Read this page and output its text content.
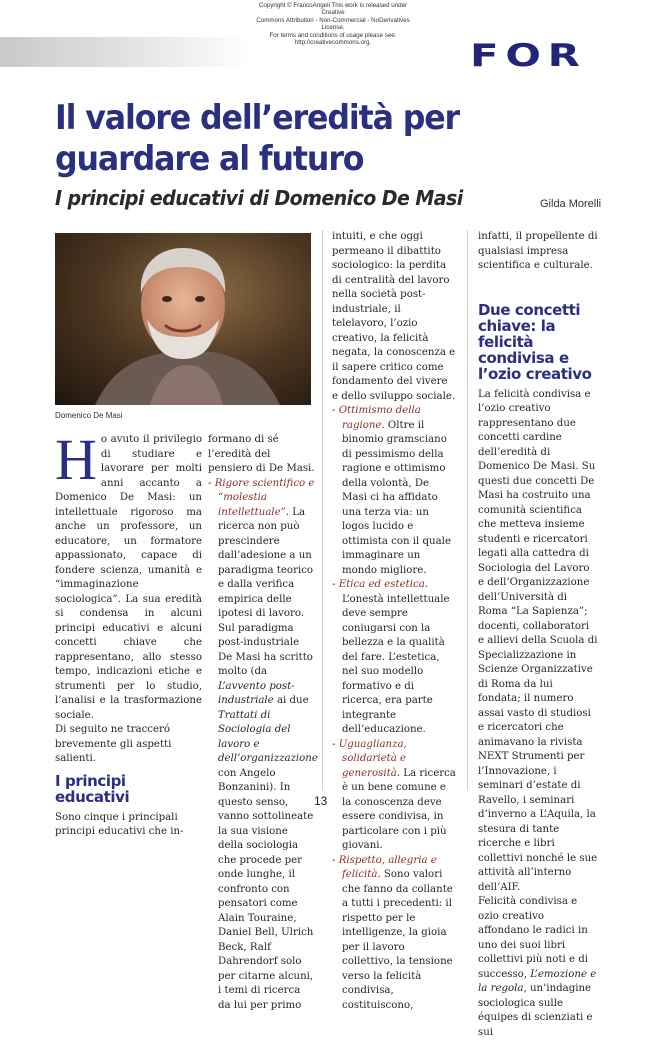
Copyright © FrancoAngeli This work is released under Creative
Commons Attribution - Non-Commercial - NoDerivatives License.
For terms and conditions of usage please see:
http://creativecommons.org.	FOR
Il valore dell’eredità per guardare al futuro
I principi educativi di Domenico De Masi	Gilda Morelli
Domenico De Masi
Ho avuto il privilegio di studiare e lavorare per molti anni accanto a Domenico De Masi: un intellettuale rigoroso ma anche un professore, un educatore, un formatore appassionato, capace di fondere scienza, umanità e “immaginazione sociologica”. La sua eredità si condensa in alcuni principi educativi e alcuni concetti chiave che rappresentano, allo stesso tempo, indicazioni etiche e strumenti per lo studio, l’analisi e la trasformazione sociale.

Di seguito ne tracceró brevemente gli aspetti salienti.

I principi educativi

Sono cinque i principali principi educativi che in-

formano di sé l’eredità del pensiero di De Masi.

- Rigore scientifico e “molestia intellettuale”. La ricerca non può prescindere dall’adesione a un paradigma teorico e dalla verifica empirica delle ipotesi di lavoro. Sul paradigma post-industriale De Masi ha scritto molto (da L’avvento post-industriale ai due Trattati di Sociologia del lavoro e dell’organizzazione con Angelo Bonzanini). In questo senso, vanno sottolineate la sua visione della sociologia che procede per onde lunghe, il confronto con pensatori come Alain Touraine, Daniel Bell, Ulrich Beck, Ralf Dahrendorf solo per citarne alcuni, i temi di ricerca da lui per primo

intuiti, e che oggi permeano il dibattito sociologico: la perdita di centralità del lavoro nella società post-industriale, il telelavoro, l’ozio creativo, la felicità negata, la conoscenza e il sapere critico come fondamento del vivere e dello sviluppo sociale.

- Ottimismo della ragione. Oltre il binomio gramsciano di pessimismo della ragione e ottimismo della volontà, De Masi ci ha affidato una terza via: un logos lucido e ottimista con il quale immaginare un mondo migliore.

- Etica ed estetica. L’onestà intellettuale deve sempre coniugarsi con la bellezza e la qualità del fare. L’estetica, nel suo modello formativo e di ricerca, era parte integrante dell’educazione.

- Uguaglianza, solidarietà e generosità. La ricerca è un bene comune e la conoscenza deve essere condivisa, in particolare con i più giovani.

- Rispetto, allegria e felicità. Sono valori che fanno da collante a tutti i precedenti: il rispetto per le intelligenze, la gioia per il lavoro collettivo, la tensione verso la felicità condivisa, costituiscono,

infatti, il propellente di qualsiasi impresa scientifica e culturale.

Due concetti chiave: la felicità condivisa e l’ozio creativo

La felicità condivisa e l’ozio creativo rappresentano due concetti cardine dell’eredità di Domenico De Masi. Su questi due concetti De Masi ha costruito una comunità scientifica che metteva insieme studenti e ricercatori legati alla cattedra di Sociologia del Lavoro e dell’Organizzazione dell’Università di Roma “La Sapienza”; docenti, collaboratori e allievi della Scuola di Specializzazione in Scienze Organizzative di Roma da lui fondata; il numero assai vasto di studiosi e ricercatori che animavano la rivista NEXT Strumenti per l’Innovazione, i seminari d’estate di Ravello, i seminari d’inverno a L’Aquila, la stesura di tante ricerche e libri collettivi nonché le sue attività all’interno dell’AIF.

Felicità condivisa e ozio creativo affondano le radici in uno dei suoi libri collettivi più noti e di successo, L’emozione e la regola, un’indagine sociologica sulle équipes di scienziati e sui

13
